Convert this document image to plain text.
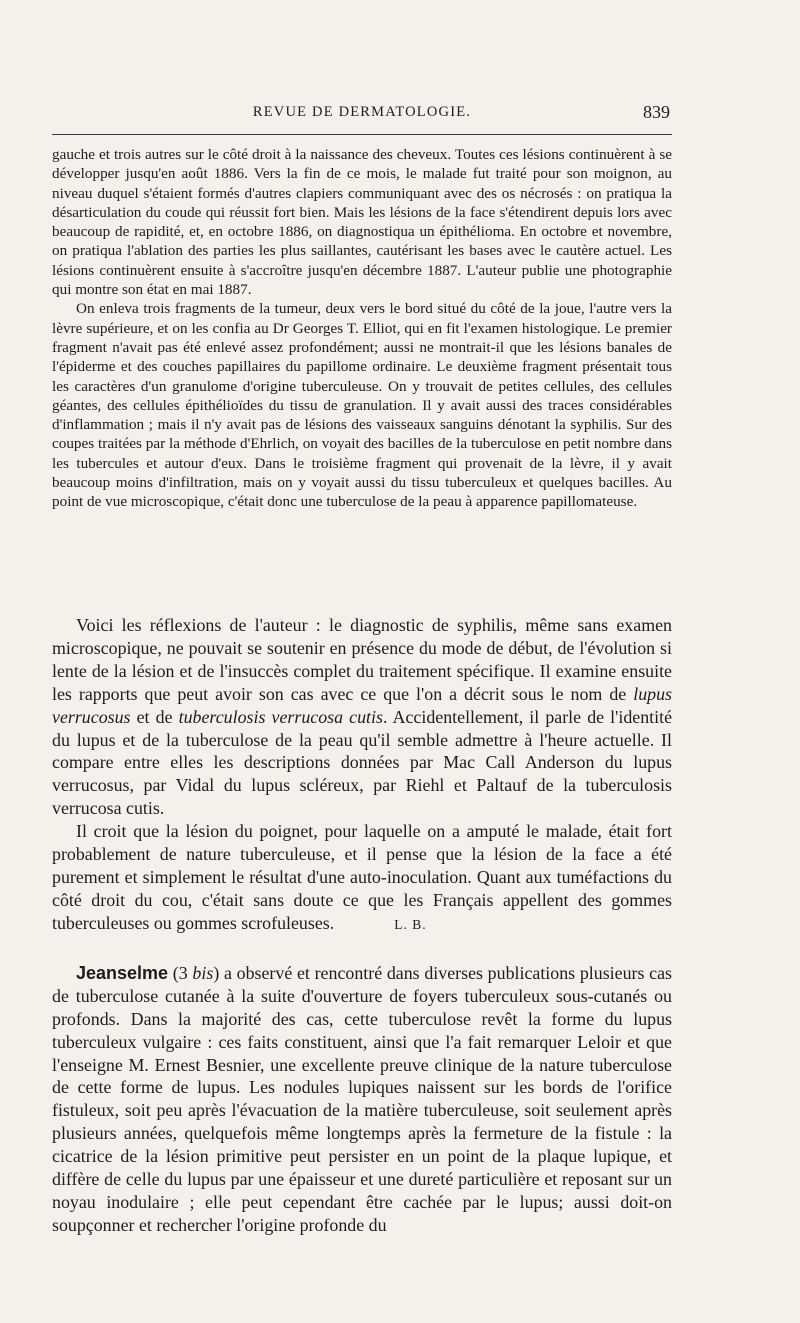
REVUE DE DERMATOLOGIE.	839

gauche et trois autres sur le côté droit à la naissance des cheveux. Toutes ces lésions continuèrent à se développer jusqu'en août 1886. Vers la fin de ce mois, le malade fut traité pour son moignon, au niveau duquel s'étaient formés d'autres clapiers communiquant avec des os nécrosés : on pratiqua la désarticulation du coude qui réussit fort bien. Mais les lésions de la face s'étendirent depuis lors avec beaucoup de rapidité, et, en octobre 1886, on diagnostiqua un épithélioma. En octobre et novembre, on pratiqua l'ablation des parties les plus saillantes, cautérisant les bases avec le cautère actuel. Les lésions continuèrent ensuite à s'accroître jusqu'en décembre 1887. L'auteur publie une photographie qui montre son état en mai 1887.

On enleva trois fragments de la tumeur, deux vers le bord situé du côté de la joue, l'autre vers la lèvre supérieure, et on les confia au Dr Georges T. Elliot, qui en fit l'examen histologique. Le premier fragment n'avait pas été enlevé assez profondément; aussi ne montrait-il que les lésions banales de l'épiderme et des couches papillaires du papillome ordinaire. Le deuxième fragment présentait tous les caractères d'un granulome d'origine tuberculeuse. On y trouvait de petites cellules, des cellules géantes, des cellules épithélioïdes du tissu de granulation. Il y avait aussi des traces considérables d'inflammation ; mais il n'y avait pas de lésions des vaisseaux sanguins dénotant la syphilis. Sur des coupes traitées par la méthode d'Ehrlich, on voyait des bacilles de la tuberculose en petit nombre dans les tubercules et autour d'eux. Dans le troisième fragment qui provenait de la lèvre, il y avait beaucoup moins d'infiltration, mais on y voyait aussi du tissu tuberculeux et quelques bacilles. Au point de vue microscopique, c'était donc une tuberculose de la peau à apparence papillomateuse.

Voici les réflexions de l'auteur : le diagnostic de syphilis, même sans examen microscopique, ne pouvait se soutenir en présence du mode de début, de l'évolution si lente de la lésion et de l'insuccès complet du traitement spécifique. Il examine ensuite les rapports que peut avoir son cas avec ce que l'on a décrit sous le nom de lupus verrucosus et de tuberculosis verrucosa cutis. Accidentellement, il parle de l'identité du lupus et de la tuberculose de la peau qu'il semble admettre à l'heure actuelle. Il compare entre elles les descriptions données par Mac Call Anderson du lupus verrucosus, par Vidal du lupus scléreux, par Riehl et Paltauf de la tuberculosis verrucosa cutis.

Il croit que la lésion du poignet, pour laquelle on a amputé le malade, était fort probablement de nature tuberculeuse, et il pense que la lésion de la face a été purement et simplement le résultat d'une auto-inoculation. Quant aux tuméfactions du côté droit du cou, c'était sans doute ce que les Français appellent des gommes tuberculeuses ou gommes scrofuleuses.	L. B.

Jeanselme (3 bis) a observé et rencontré dans diverses publications plusieurs cas de tuberculose cutanée à la suite d'ouverture de foyers tuberculeux sous-cutanés ou profonds. Dans la majorité des cas, cette tuberculose revêt la forme du lupus tuberculeux vulgaire : ces faits constituent, ainsi que l'a fait remarquer Leloir et que l'enseigne M. Ernest Besnier, une excellente preuve clinique de la nature tuberculose de cette forme de lupus. Les nodules lupiques naissent sur les bords de l'orifice fistuleux, soit peu après l'évacuation de la matière tuberculeuse, soit seulement après plusieurs années, quelquefois même longtemps après la fermeture de la fistule : la cicatrice de la lésion primitive peut persister en un point de la plaque lupique, et diffère de celle du lupus par une épaisseur et une dureté particulière et reposant sur un noyau inodulaire ; elle peut cependant être cachée par le lupus; aussi doit-on soupçonner et rechercher l'origine profonde du
